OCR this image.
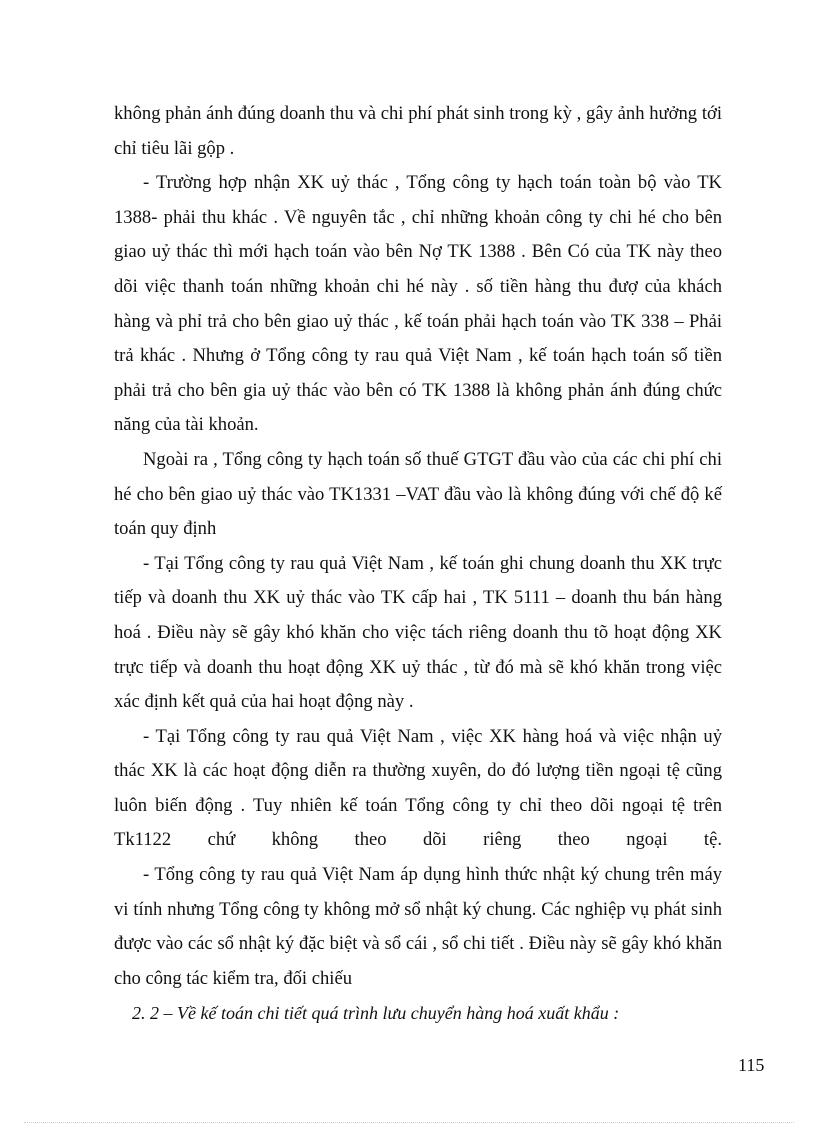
không phản ánh đúng doanh thu và chi phí phát sinh trong kỳ , gây ảnh hưởng tới chỉ tiêu lãi gộp .

- Trường hợp nhận XK uỷ thác , Tổng công ty hạch toán toàn bộ vào TK 1388- phải thu khác . Về nguyên tắc , chỉ những khoản công ty chi hé cho bên giao uỷ thác thì mới hạch toán vào bên Nợ TK 1388 . Bên Có của TK này theo dõi việc thanh toán những khoản chi hé này . số tiền hàng thu đượ của khách hàng và phỉ trả cho bên giao uỷ thác , kế toán phải hạch toán vào TK 338 – Phải trả khác . Nhưng ở Tổng công ty rau quả Việt Nam , kế toán hạch toán số tiền phải trả cho bên gia uỷ thác vào bên có TK 1388 là không phản ánh đúng chức năng của tài khoản.

Ngoài ra , Tổng công ty hạch toán số thuế GTGT đầu vào của các chi phí chi hé cho bên giao uỷ thác vào TK1331 –VAT đầu vào là không đúng với chế độ kế toán quy định

- Tại Tổng công ty rau quả Việt Nam , kế toán ghi chung doanh thu XK trực tiếp và doanh thu XK uỷ thác vào TK cấp hai , TK 5111 – doanh thu bán hàng hoá . Điều này sẽ gây khó khăn cho việc tách riêng doanh thu tõ hoạt động XK trực tiếp và doanh thu hoạt động XK uỷ thác , từ đó mà sẽ khó khăn trong việc xác định kết quả của hai hoạt động này .

- Tại Tổng công ty rau quả Việt Nam , việc XK hàng hoá và việc nhận uỷ thác XK là các hoạt động diễn ra thường xuyên, do đó lượng tiền ngoại tệ cũng luôn biến động . Tuy nhiên kế toán Tổng công ty chỉ theo dõi ngoại tệ trên Tk1122 chứ không theo dõi riêng theo ngoại tệ.

- Tổng công ty rau quả Việt Nam áp dụng hình thức nhật ký chung trên máy vi tính nhưng Tổng công ty không mở sổ nhật ký chung. Các nghiệp vụ phát sinh được vào các sổ nhật ký đặc biệt và sổ cái , sổ chi tiết . Điều này sẽ gây khó khăn cho công tác kiểm tra, đối chiếu

2. 2 – Về kế toán chi tiết quá trình lưu chuyển hàng hoá xuất khẩu :

115
